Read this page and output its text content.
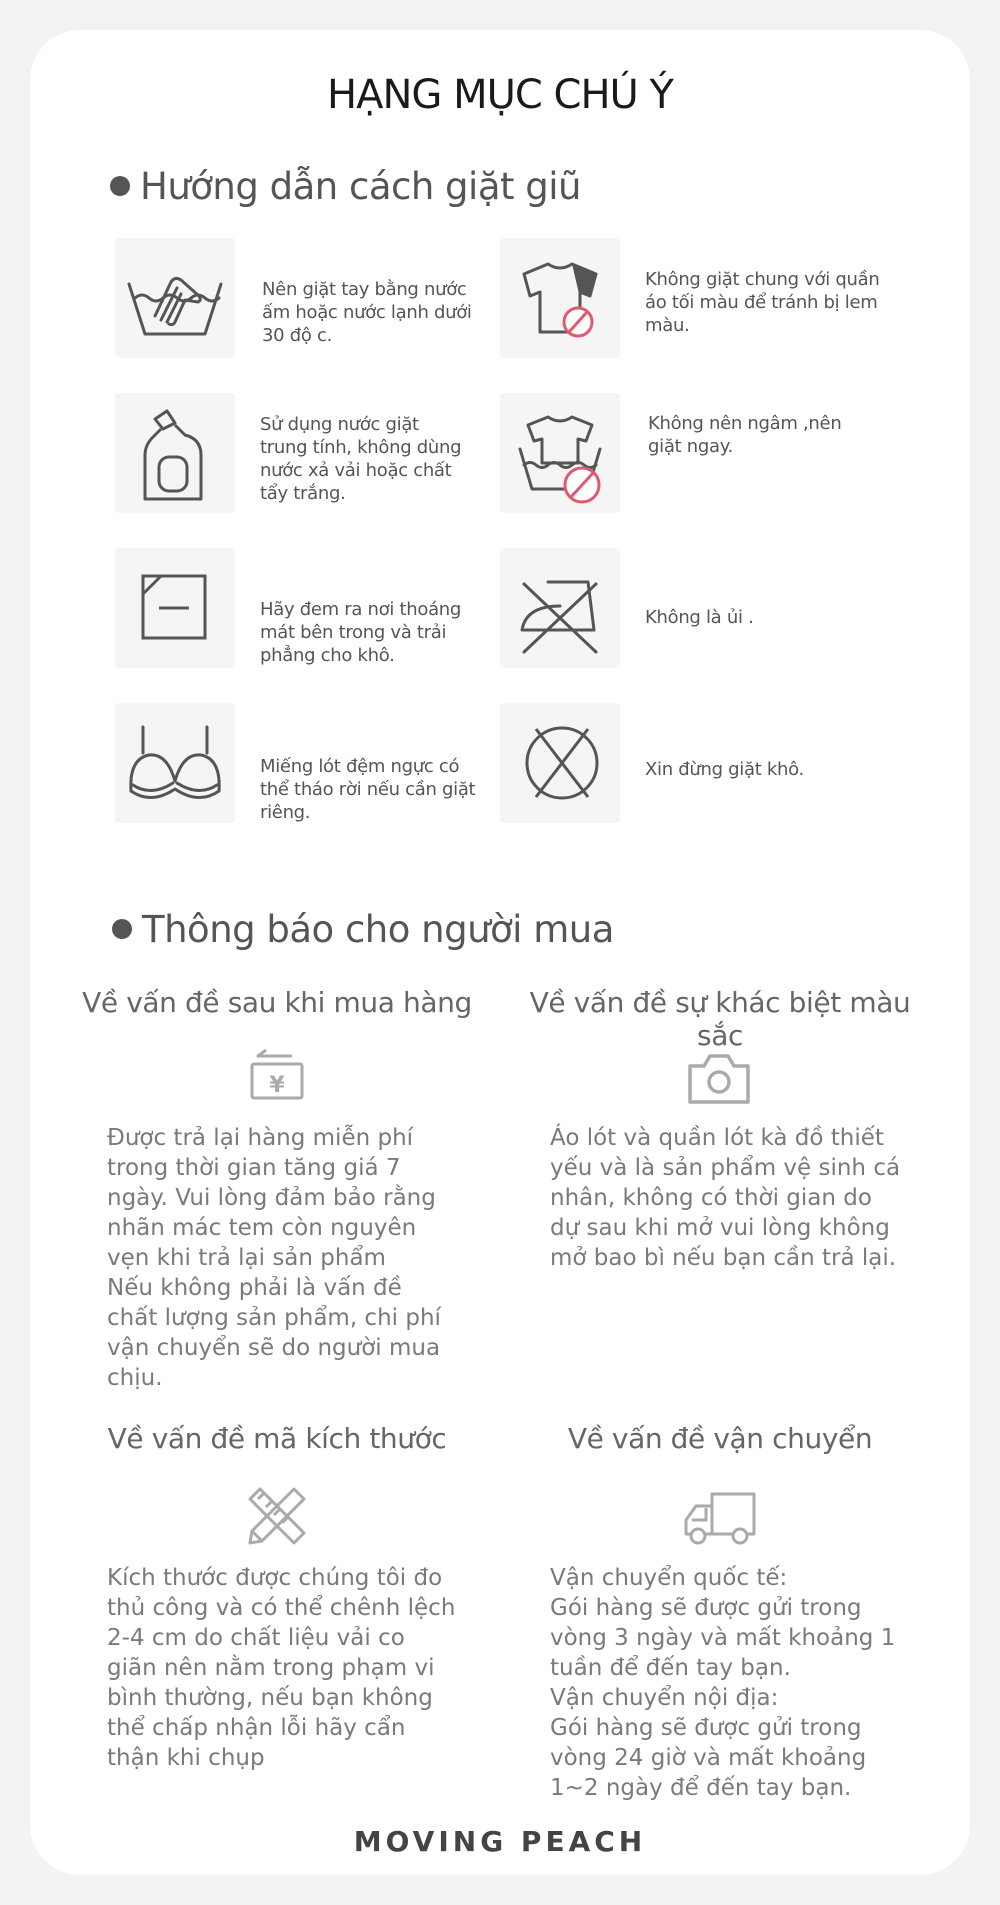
HẠNG MỤC CHÚ Ý
Hướng dẫn cách giặt giũ
Nên giặt tay bằng nước ấm hoặc nước lạnh dưới 30 độ c.
Không giặt chung với quần áo tối màu để tránh bị lem màu.
Sử dụng nước giặt trung tính, không dùng nước xả vải hoặc chất tẩy trắng.
Không nên ngâm ,nên giặt ngay.
Hãy đem ra nơi thoáng mát bên trong và trải phẳng cho khô.
Không là ủi .
Miếng lót đệm ngực có thể tháo rời nếu cần giặt riêng.
Xin đừng giặt khô.
Thông báo cho người mua
Về vấn đề sau khi mua hàng
¥
Được trả lại hàng miễn phí
trong thời gian tăng giá 7
ngày. Vui lòng đảm bảo rằng
nhãn mác tem còn nguyên
vẹn khi trả lại sản phẩm
Nếu không phải là vấn đề
chất lượng sản phẩm, chi phí
vận chuyển sẽ do người mua
chịu.
Về vấn đề sự khác biệt màu sắc
Áo lót và quần lót kà đồ thiết
yếu và là sản phẩm vệ sinh cá
nhân, không có thời gian do
dự sau khi mở vui lòng không
mở bao bì nếu bạn cần trả lại.
Về vấn đề mã kích thước
Kích thước được chúng tôi đo
thủ công và có thể chênh lệch
2-4 cm do chất liệu vải co
giãn nên nằm trong phạm vi
bình thường, nếu bạn không
thể chấp nhận lỗi hãy cẩn
thận khi chụp
Về vấn đề vận chuyển
Vận chuyển quốc tế:
Gói hàng sẽ được gửi trong
vòng 3 ngày và mất khoảng 1
tuần để đến tay bạn.
Vận chuyển nội địa:
Gói hàng sẽ được gửi trong
vòng 24 giờ và mất khoảng
1~2 ngày để đến tay bạn.
MOVING PEACH
